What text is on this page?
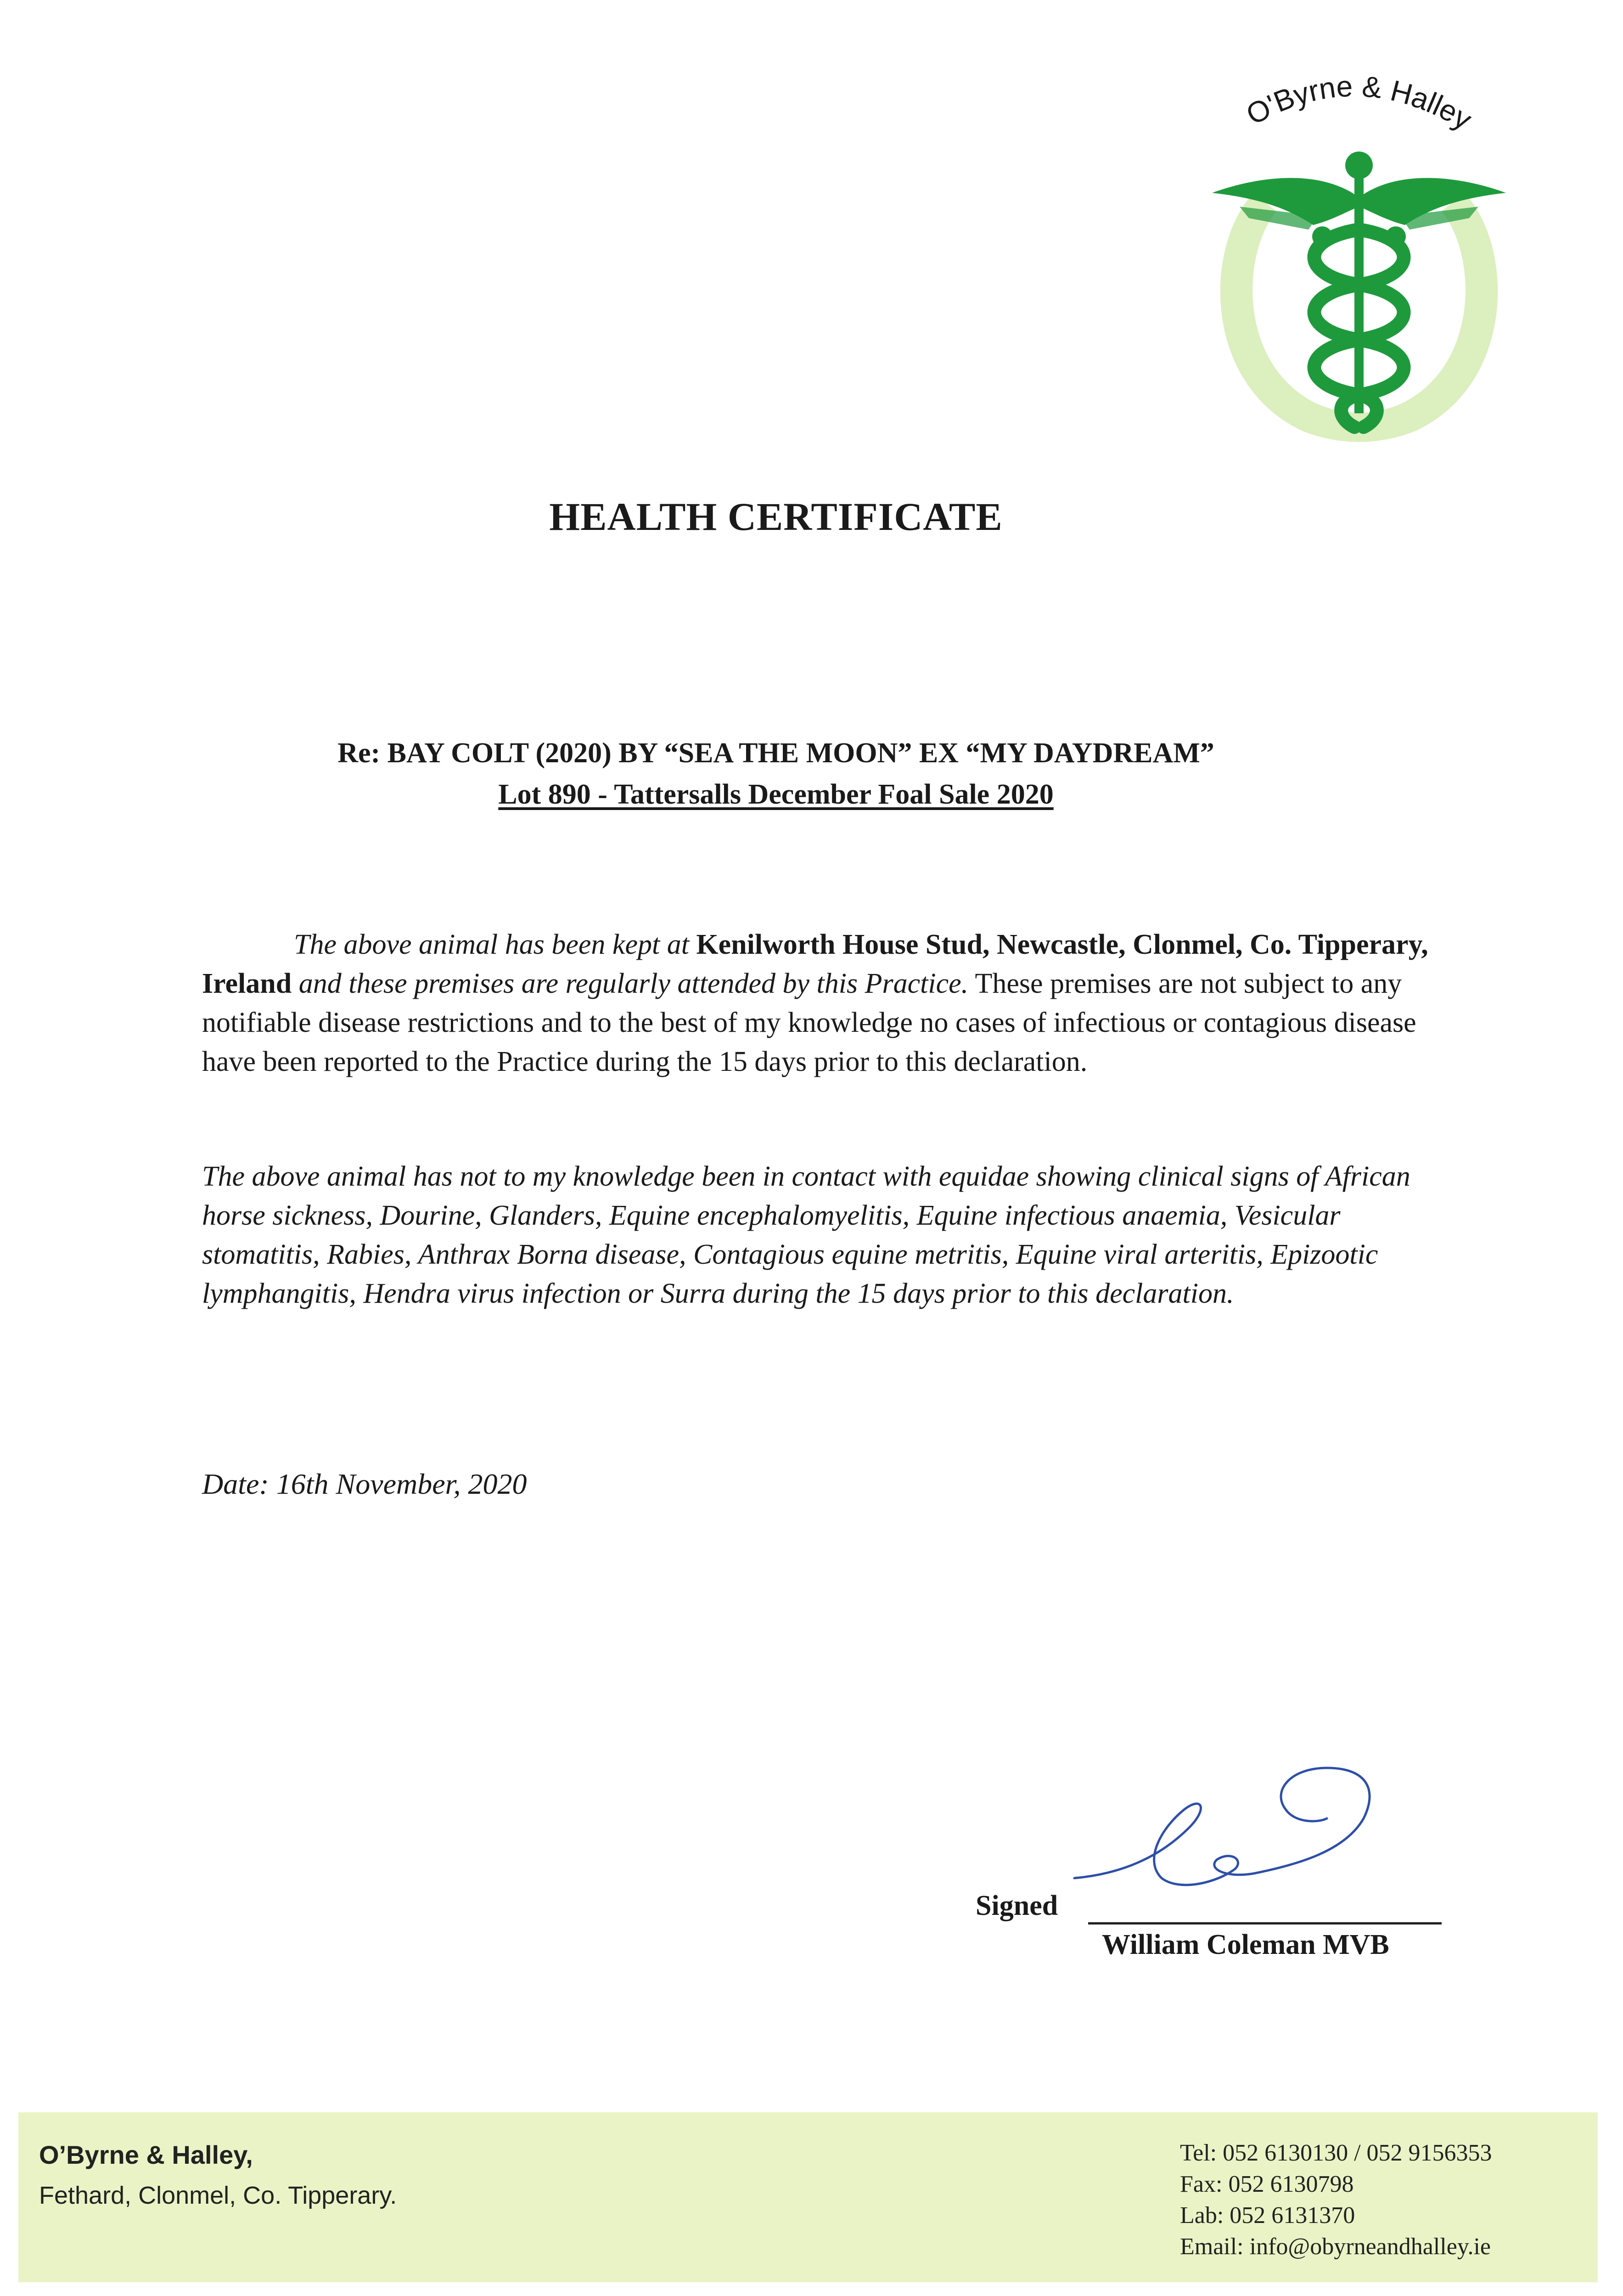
O'Byrne & Halley
HEALTH CERTIFICATE
Re: BAY COLT (2020) BY “SEA THE MOON” EX “MY DAYDREAM”
Lot 890 - Tattersalls December Foal Sale 2020
The above animal has been kept at Kenilworth House Stud, Newcastle, Clonmel, Co. Tipperary, Ireland and these premises are regularly attended by this Practice. These premises are not subject to any notifiable disease restrictions and to the best of my knowledge no cases of infectious or contagious disease have been reported to the Practice during the 15 days prior to this declaration.
The above animal has not to my knowledge been in contact with equidae showing clinical signs of African horse sickness, Dourine, Glanders, Equine encephalomyelitis, Equine infectious anaemia, Vesicular stomatitis, Rabies, Anthrax Borna disease, Contagious equine metritis, Equine viral arteritis, Epizootic lymphangitis, Hendra virus infection or Surra during the 15 days prior to this declaration.
Date: 16th November, 2020
Signed
William Coleman MVB
O’Byrne & Halley,
Fethard, Clonmel, Co. Tipperary.
Tel: 052 6130130 / 052 9156353
Fax: 052 6130798
Lab: 052 6131370
Email: info@obyrneandhalley.ie
